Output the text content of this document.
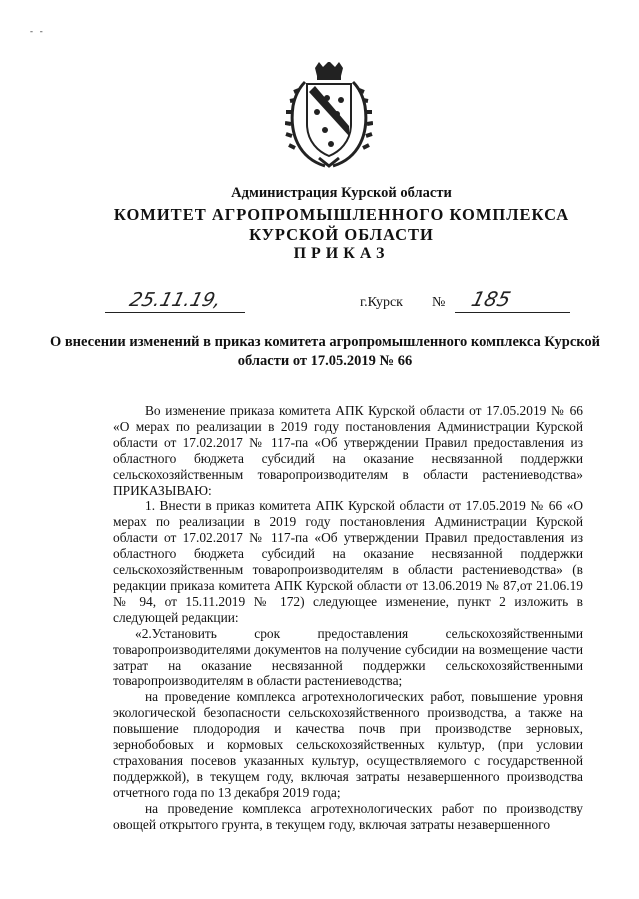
‐   ‐
Администрация Курской области
КОМИТЕТ АГРОПРОМЫШЛЕННОГО КОМПЛЕКСА
КУРСКОЙ ОБЛАСТИ
ПРИКАЗ
25.11.19,	г.Курск № 185
О внесении изменений в приказ комитета агропромышленного комплекса Курской области от 17.05.2019 № 66

Во изменение приказа комитета АПК Курской области от 17.05.2019 № 66 «О мерах по реализации в 2019 году постановления Администрации Курской области от 17.02.2017 № 117-па «Об утверждении Правил предоставления из областного бюджета субсидий на оказание несвязанной поддержки сельскохозяйственным товаропроизводителям в области растениеводства» ПРИКАЗЫВАЮ:

1. Внести в приказ комитета АПК Курской области от 17.05.2019 № 66 «О мерах по реализации в 2019 году постановления Администрации Курской области от 17.02.2017 № 117-па «Об утверждении Правил предоставления из областного бюджета субсидий на оказание несвязанной поддержки сельскохозяйственным товаропроизводителям в области растениеводства» (в редакции приказа комитета АПК Курской области от 13.06.2019 № 87,от 21.06.19 № 94, от 15.11.2019 № 172) следующее изменение, пункт 2 изложить в следующей редакции:

«2.Установить срок предоставления сельскохозяйственными товаропроизводителями документов на получение субсидии на возмещение части затрат на оказание несвязанной поддержки сельскохозяйственными товаропроизводителям в области растениеводства;

на проведение комплекса агротехнологических работ, повышение уровня экологической безопасности сельскохозяйственного производства, а также на повышение плодородия и качества почв при производстве зерновых, зернобобовых и кормовых сельскохозяйственных культур, (при условии страхования посевов указанных культур, осуществляемого с государственной поддержкой), в текущем году, включая затраты незавершенного производства отчетного года по 13 декабря 2019 года;

на проведение комплекса агротехнологических работ по производству овощей открытого грунта, в текущем году, включая затраты незавершенного
